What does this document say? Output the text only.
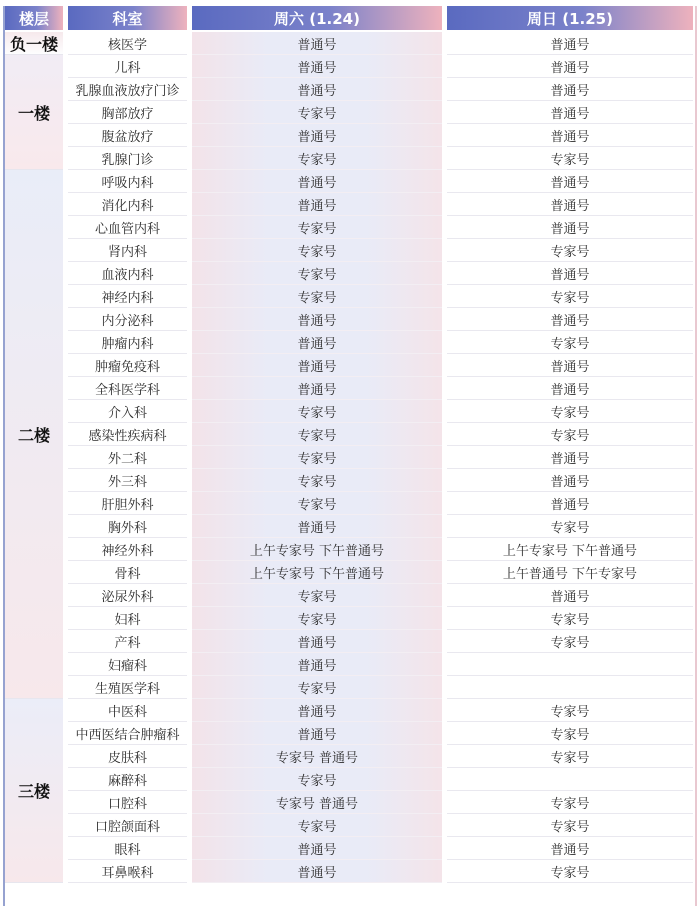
楼层	科室	周六 (1.24)	周日 (1.25)
负一楼	核医学	普通号	普通号
一楼
儿科	普通号	普通号
乳腺血液放疗门诊	普通号	普通号
胸部放疗	专家号	普通号
腹盆放疗	普通号	普通号
乳腺门诊	专家号	专家号
二楼
呼吸内科	普通号	普通号
消化内科	普通号	普通号
心血管内科	专家号	普通号
肾内科	专家号	专家号
血液内科	专家号	普通号
神经内科	专家号	专家号
内分泌科	普通号	普通号
肿瘤内科	普通号	专家号
肿瘤免疫科	普通号	普通号
全科医学科	普通号	普通号
介入科	专家号	专家号
感染性疾病科	专家号	专家号
外二科	专家号	普通号
外三科	专家号	普通号
肝胆外科	专家号	普通号
胸外科	普通号	专家号
神经外科	上午专家号 下午普通号	上午专家号 下午普通号
骨科	上午专家号 下午普通号	上午普通号 下午专家号
泌尿外科	专家号	普通号
妇科	专家号	专家号
产科	普通号	专家号
妇瘤科	普通号
生殖医学科	专家号
三楼
中医科	普通号	专家号
中西医结合肿瘤科	普通号	专家号
皮肤科	专家号 普通号	专家号
麻醉科	专家号
口腔科	专家号 普通号	专家号
口腔颌面科	专家号	专家号
眼科	普通号	普通号
耳鼻喉科	普通号	专家号
